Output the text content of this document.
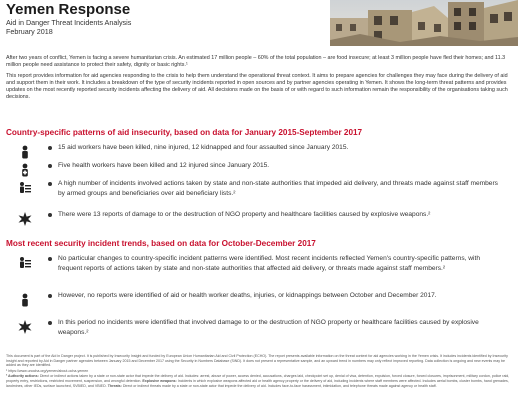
Yemen Response
Aid in Danger Threat Incidents Analysis
February 2018

After two years of conflict, Yemen is facing a severe humanitarian crisis. An estimated 17 million people – 60% of the total population – are food insecure; at least 3 million people have fled their homes; and 11.3 million people need assistance to protect their safety, dignity or basic rights.¹

This report provides information for aid agencies responding to the crisis to help them understand the operational threat context. It aims to prepare agencies for challenges they may face during the delivery of aid and support them in their work. It includes a breakdown of the type of security incidents reported in open sources and by partner agencies operating in Yemen. It shows the long-term threat patterns and provides updates on the most recently reported security incidents affecting the delivery of aid. All decisions made on the basis of or with regard to such information remain the responsibility of the organisations taking such decisions.

Country-specific patterns of aid insecurity, based on data for January 2015-September 2017
15 aid workers have been killed, nine injured, 12 kidnapped and four assaulted since January 2015.
Five health workers have been killed and 12 injured since January 2015.
A high number of incidents involved actions taken by state and non-state authorities that impeded aid delivery, and threats made against staff members by armed groups and beneficiaries over aid beneficiary lists.²
There were 13 reports of damage to or the destruction of NGO property and healthcare facilities caused by explosive weapons.²
Most recent security incident trends, based on data for October-December 2017
No particular changes to country-specific incident patterns were identified. Most recent incidents reflected Yemen's country-specific patterns, with frequent reports of actions taken by state and non-state authorities that affected aid delivery, or threats made against staff members.²
However, no reports were identified of aid or health worker deaths, injuries, or kidnappings between October and December 2017.
In this period no incidents were identified that involved damage to or the destruction of NGO property or healthcare facilities caused by explosive weapons.²

This document is part of the Aid in Danger project. It is published by Insecurity Insight and funded by European Union Humanitarian Aid and Civil Protection (ECHO). The report presents available information on the threat context for aid agencies working in the Yemen crisis. It includes incidents identified by Insecurity Insight and reported by Aid in Danger partner agencies between January 2015 and December 2017 using the Security in Numbers Database (SiND). It does not present a representative sample, and an upward trend in numbers may only reflect improved reporting. Data collection is ongoing and new events may be added as they are identified.

¹ https://www.unocha.org/yemen/about-ocha-yemen

² Authority actions: Direct or indirect actions taken by a state or non-state actor that impede the delivery of aid. Includes: arrest, abuse of power, access denied, accusations, charges laid, checkpoint set up, denial of visa, detention, expulsion, forced closure, forced closures, imprisonment, military cordon, police raid, property entry, restrictions, restricted movement, suspension, and wrongful detention. Explosive weapons: Incidents in which explosive weapons affected aid or health agency property or the delivery of aid, including incidents where staff members were affected. Includes aerial bombs, cluster bombs, hand grenades, landmines, other IEDs, surface launched, SVBIED, and VBIED. Threats: Direct or indirect threats made by a state or non-state actor that impede the delivery of aid. Includes face-to-face harassment, intimidation, and telephone threats made against agency or health staff.
